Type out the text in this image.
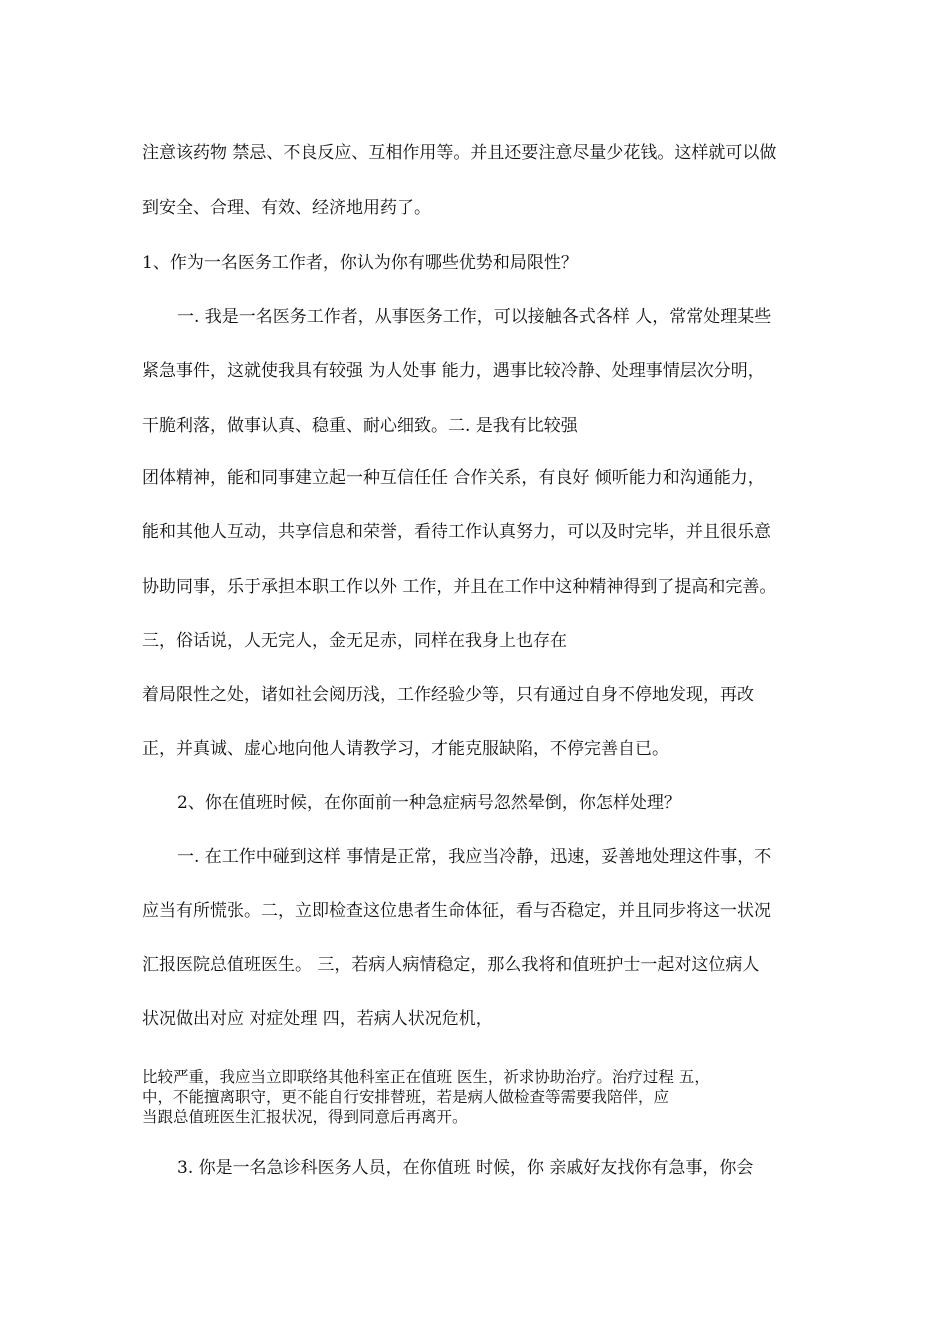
注意该药物 禁忌、不良反应、互相作用等。并且还要注意尽量少花钱。这样就可以做
到安全、合理、有效、经济地用药了。
1、作为一名医务工作者，你认为你有哪些优势和局限性？
一. 我是一名医务工作者，从事医务工作，可以接触各式各样 人，常常处理某些
紧急事件，这就使我具有较强 为人处事 能力，遇事比较冷静、处理事情层次分明，
干脆利落，做事认真、稳重、耐心细致。二. 是我有比较强
团体精神，能和同事建立起一种互信任任 合作关系，有良好 倾听能力和沟通能力，
能和其他人互动，共享信息和荣誉，看待工作认真努力，可以及时完毕，并且很乐意
协助同事，乐于承担本职工作以外 工作，并且在工作中这种精神得到了提高和完善。
三，俗话说，人无完人，金无足赤，同样在我身上也存在
着局限性之处，诸如社会阅历浅，工作经验少等，只有通过自身不停地发现，再改
正，并真诚、虚心地向他人请教学习，才能克服缺陷，不停完善自已。
2、你在值班时候，在你面前一种急症病号忽然晕倒，你怎样处理？
一. 在工作中碰到这样 事情是正常，我应当冷静，迅速，妥善地处理这件事，不
应当有所慌张。二，立即检查这位患者生命体征，看与否稳定，并且同步将这一状况
汇报医院总值班医生。 三，若病人病情稳定，那么我将和值班护士一起对这位病人
状况做出对应 对症处理 四，若病人状况危机，
比较严重，我应当立即联络其他科室正在值班 医生，祈求协助治疗。治疗过程 五，
中，不能擅离职守，更不能自行安排替班，若是病人做检查等需要我陪伴，应
当跟总值班医生汇报状况，得到同意后再离开。
3. 你是一名急诊科医务人员，在你值班 时候，你 亲戚好友找你有急事，你会
